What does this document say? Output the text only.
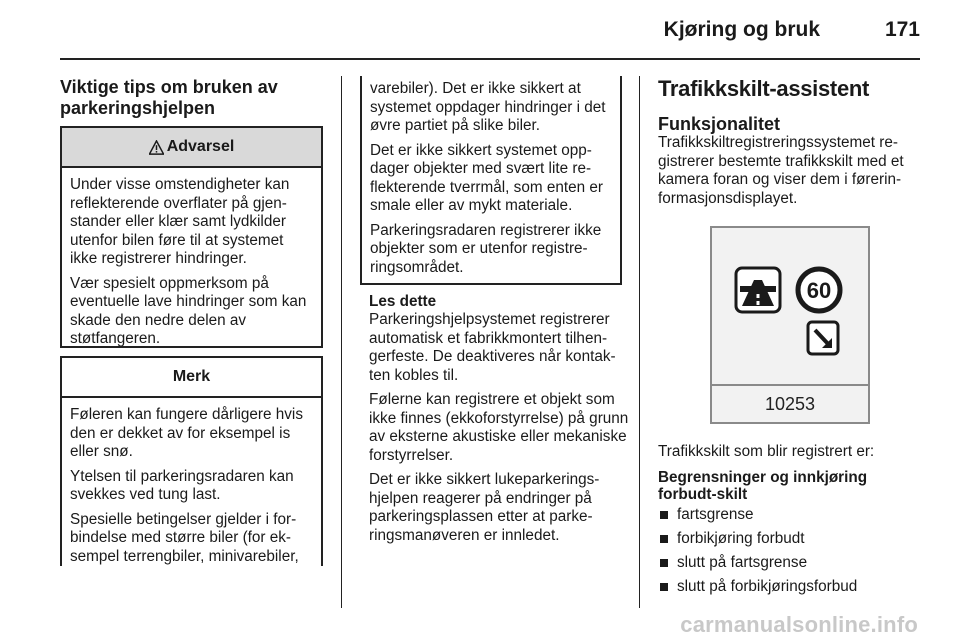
Kjøring og bruk	171
Viktige tips om bruken av parkeringshjelpen
Advarsel

Under visse omstendigheter kan reflekterende overflater på gjen-stander eller klær samt lydkilder utenfor bilen føre til at systemet ikke registrerer hindringer.

Vær spesielt oppmerksom på eventuelle lave hindringer som kan skade den nedre delen av støtfangeren.

Merk

Føleren kan fungere dårligere hvis den er dekket av for eksempel is eller snø.

Ytelsen til parkeringsradaren kan svekkes ved tung last.

Spesielle betingelser gjelder i for-bindelse med større biler (for ek-sempel terrengbiler, minivarebiler,

varebiler). Det er ikke sikkert at systemet oppdager hindringer i det øvre partiet på slike biler.

Det er ikke sikkert systemet opp-dager objekter med svært lite re-flekterende tverrmål, som enten er smale eller av mykt materiale.

Parkeringsradaren registrerer ikke objekter som er utenfor registre-ringsområdet.

Les dette

Parkeringshjelpsystemet registrerer automatisk et fabrikkmontert tilhen-gerfeste. De deaktiveres når kontak-ten kobles til.

Følerne kan registrere et objekt som ikke finnes (ekkoforstyrrelse) på grunn av eksterne akustiske eller mekaniske forstyrrelser.

Det er ikke sikkert lukeparkerings-hjelpen reagerer på endringer på parkeringsplassen etter at parke-ringsmanøveren er innledet.

Trafikkskilt-assistent
Funksjonalitet

Trafikkskiltregistreringssystemet re-gistrerer bestemte trafikkskilt med et kamera foran og viser dem i førerin-formasjonsdisplayet.

60
10253

Trafikkskilt som blir registrert er:

Begrensninger og innkjøring forbudt-skilt
fartsgrense
forbikjøring forbudt
slutt på fartsgrense
slutt på forbikjøringsforbud
carmanualsonline.info
